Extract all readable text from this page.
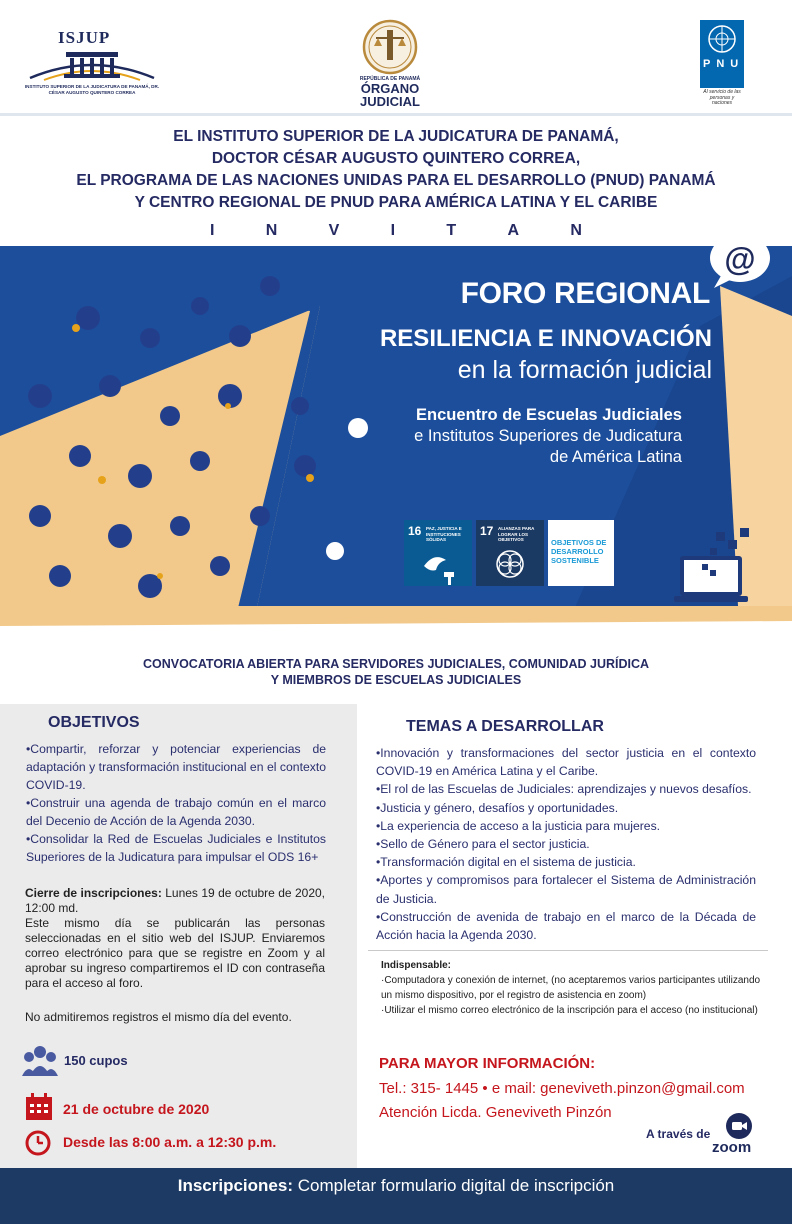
ISJUP
INSTITUTO SUPERIOR DE LA JUDICATURA DE PANAMÁ, DR. CÉSAR AUGUSTO QUINTERO CORREA
REPÚBLICA DE PANAMÁ
ÓRGANO JUDICIAL
PNUD
Al servicio de las personas y naciones
EL INSTITUTO SUPERIOR DE LA JUDICATURA DE PANAMÁ,
DOCTOR CÉSAR AUGUSTO QUINTERO CORREA,
EL PROGRAMA DE LAS NACIONES UNIDAS PARA EL DESARROLLO (PNUD) PANAMÁ
Y CENTRO REGIONAL DE PNUD PARA AMÉRICA LATINA Y EL CARIBE
I	N	V	I	T	A	N
@
FORO REGIONAL
RESILIENCIA E INNOVACIÓN
en la formación judicial
Encuentro de Escuelas Judiciales
e Institutos Superiores de Judicatura
de América Latina
16 PAZ, JUSTICIA E INSTITUCIONES SÓLIDAS
17 ALIANZAS PARA LOGRAR LOS OBJETIVOS	OBJETIVOS DE DESARROLLO SOSTENIBLE
CONVOCATORIA ABIERTA PARA SERVIDORES JUDICIALES, COMUNIDAD JURÍDICA
Y MIEMBROS DE ESCUELAS JUDICIALES
OBJETIVOS
• Compartir, reforzar y potenciar experiencias de adaptación y transformación institucional en el contexto COVID-19.
• Construir una agenda de trabajo común en el marco del Decenio de Acción de la Agenda 2030.
• Consolidar la Red de Escuelas Judiciales e Institutos Superiores de la Judicatura para impulsar el ODS 16+
Cierre de inscripciones: Lunes 19 de octubre de 2020, 12:00 md.
Este mismo día se publicarán las personas seleccionadas en el sitio web del ISJUP. Enviaremos correo electrónico para que se registre en Zoom y al aprobar su ingreso compartiremos el ID con contraseña para el acceso al foro.
No admitiremos registros el mismo día del evento.
150 cupos
21 de octubre de 2020
Desde las 8:00 a.m. a 12:30 p.m.
TEMAS A DESARROLLAR
• Innovación y transformaciones del sector justicia en el contexto COVID-19 en América Latina y el Caribe.
• El rol de las Escuelas de Judiciales: aprendizajes y nuevos desafíos.
• Justicia y género, desafíos y oportunidades.
• La experiencia de acceso a la justicia para mujeres.
• Sello de Género para el sector justicia.
• Transformación digital en el sistema de justicia.
• Aportes y compromisos para fortalecer el Sistema de Administración de Justicia.
• Construcción de avenida de trabajo en el marco de la Década de Acción hacia la Agenda 2030.
Indispensable:
·Computadora y conexión de internet, (no aceptaremos varios participantes utilizando un mismo dispositivo, por el registro de asistencia en zoom)
·Utilizar el mismo correo electrónico de la inscripción para el acceso (no institucional)
PARA MAYOR INFORMACIÓN:
Tel.: 315- 1445 • e mail: geneviveth.pinzon@gmail.com
Atención Licda. Geneviveth Pinzón
A través de
zoom
Inscripciones: Completar formulario digital de inscripción
